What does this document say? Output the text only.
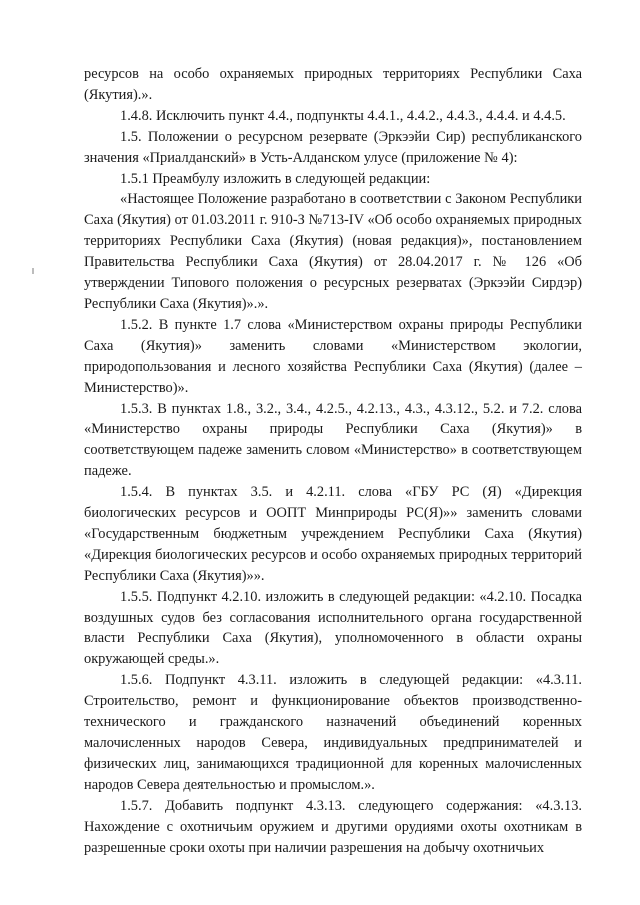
ресурсов на особо охраняемых природных территориях Республики Саха (Якутия).».

1.4.8. Исключить пункт 4.4., подпункты 4.4.1., 4.4.2., 4.4.3., 4.4.4. и 4.4.5.

1.5. Положении о ресурсном резервате (Эркээйи Сир) республиканского значения «Приалданский» в Усть-Алданском улусе (приложение № 4):

1.5.1 Преамбулу изложить в следующей редакции:

«Настоящее Положение разработано в соответствии с Законом Республики Саха (Якутия) от 01.03.2011 г. 910-З №713-IV «Об особо охраняемых природных территориях Республики Саха (Якутия) (новая редакция)», постановлением Правительства Республики Саха (Якутия) от 28.04.2017 г. № 126 «Об утверждении Типового положения о ресурсных резерватах (Эркээйи Сирдэр) Республики Саха (Якутия)».».

1.5.2. В пункте 1.7 слова «Министерством охраны природы Республики Саха (Якутия)» заменить словами «Министерством экологии, природопользования и лесного хозяйства Республики Саха (Якутия) (далее – Министерство)».

1.5.3. В пунктах 1.8., 3.2., 3.4., 4.2.5., 4.2.13., 4.3., 4.3.12., 5.2. и 7.2. слова «Министерство охраны природы Республики Саха (Якутия)» в соответствующем падеже заменить словом «Министерство» в соответствующем падеже.

1.5.4. В пунктах 3.5. и 4.2.11. слова «ГБУ РС (Я) «Дирекция биологических ресурсов и ООПТ Минприроды РС(Я)»» заменить словами «Государственным бюджетным учреждением Республики Саха (Якутия) «Дирекция биологических ресурсов и особо охраняемых природных территорий Республики Саха (Якутия)»».

1.5.5. Подпункт 4.2.10. изложить в следующей редакции: «4.2.10. Посадка воздушных судов без согласования исполнительного органа государственной власти Республики Саха (Якутия), уполномоченного в области охраны окружающей среды.».

1.5.6. Подпункт 4.3.11. изложить в следующей редакции: «4.3.11. Строительство, ремонт и функционирование объектов производственно-технического и гражданского назначений объединений коренных малочисленных народов Севера, индивидуальных предпринимателей и физических лиц, занимающихся традиционной для коренных малочисленных народов Севера деятельностью и промыслом.».

1.5.7. Добавить подпункт 4.3.13. следующего содержания: «4.3.13. Нахождение с охотничьим оружием и другими орудиями охоты охотникам в разрешенные сроки охоты при наличии разрешения на добычу охотничьих
